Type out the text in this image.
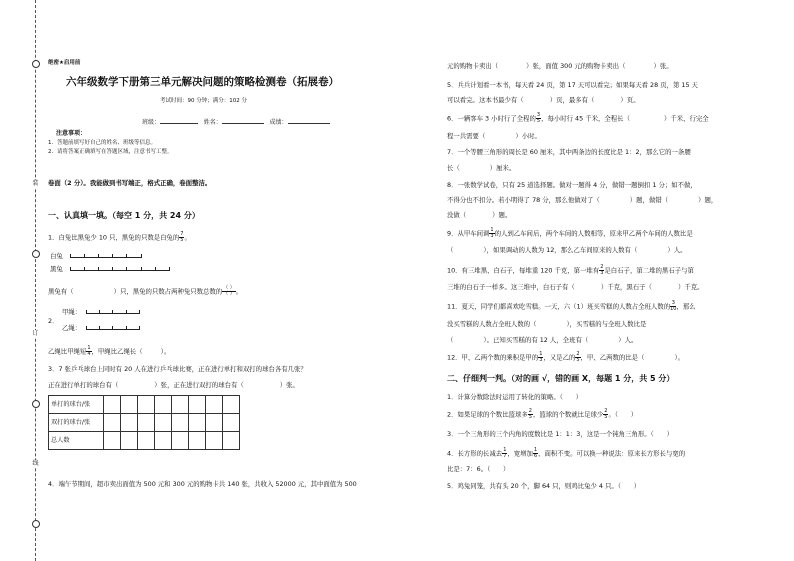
装
订
线
绝密★启用前
六年级数学下册第三单元解决问题的策略检测卷（拓展卷）
考试时间：90 分钟；满分：102 分
班级：	姓名：	成绩：
注意事项：
1．答题前填写好自己的姓名、班级等信息。
2．请将答案正确填写在答题区域，注意书写工整。
卷面（2 分）。我能做到书写端正，格式正确，卷面整洁。
一、认真填一填。（每空 1 分，共 24 分）
1．白兔比黑兔少 10 只，黑兔的只数是白兔的 $\frac{7}{5}$ 。
白兔
黑兔
黑兔有（	）只，黑兔的只数占两种兔只数总数的 $\frac{( )}{( )}$ 。
2．
甲绳：
乙绳：
乙绳比甲绳短 $\frac{1}{4}$ ，甲绳比乙绳长（	）。
3．7 张乒乓球台上同时有 20 人在进行乒乓球比赛，正在进行单打和双打的球台各有几张？
正在进行单打的球台有（	）张，正在进行双打的球台有（	）张。
单打的球台/张								
双打的球台/张								
总人数								
4．端午节期间，超市卖出面值为 500 元和 300 元的购物卡共 140 张，共收入 52000 元，其中面值为 500
元的购物卡卖出（	）张，面值 300 元的购物卡卖出（	）张。
5．兵兵计划看一本书，每天看 24 页，第 17 天可以看完；如果每天看 28 页，第 15 天
可以看完。这本书最少有（	）页，最多有（	）页。
6．一辆客车 3 小时行了全程的 $\frac{3}{5}$ ，每小时行 45 千米，全程长（	）千米，行完全
程一共需要（	）小时。
7．一个等腰三角形的周长是 60 厘米，其中两条边的长度比是 1：2，那么它的一条腰
长（	）厘米。
8．一张数学试卷，只有 25 道选择题。做对一题得 4 分，做错一题倒扣 1 分；如不做，
不得分也不扣分。若小明得了 78 分，那么他做对了（	）题，做错（	）题，
没做（	）题。
9．从甲车间调 $\frac{1}{3}$ 的人到乙车间后，两个车间的人数相等，原来甲乙两个车间的人数比是
（	），如果调动的人数为 12，那么乙车间原来的人数有（	）人。
10．有三堆黑、白石子，每堆重 120 千克，第一堆有 $\frac{2}{3}$ 是白石子，第二堆的黑石子与第
三堆的白石子一样多。这三堆中，白石子有（	）千克，黑石子（	）千克。
11．夏天，同学们都喜欢吃雪糕。一天，六（1）班买雪糕的人数占全班人数的 $\frac{3}{10}$ ，那么
没买雪糕的人数占全班人数的（	），买雪糕的与全班人数比是
（	）。已知买雪糕的有 12 人，全班有（	）人。
12．甲、乙两个数的乘积是甲的 $\frac{1}{3}$ ，又是乙的 $\frac{2}{5}$ ，甲、乙两数的比是（	）。
二、仔细判一判。（对的画 √，错的画 X，每题 1 分，共 5 分）
1．计算分数除法时运用了转化的策略。（　　）
2．如果足球的个数比篮球多 $\frac{2}{5}$ ，篮球的个数就比足球少 $\frac{2}{5}$ 。（　　）
3．一个三角形的三个内角的度数比是 1：1：3，这是一个钝角三角形。（　　）
4．长方形的长减去 $\frac{1}{7}$ ，宽增加 $\frac{1}{6}$ ，面积不变。可以换一种说法：原来长方形长与宽的
比是：7：6。（　　）
5．鸡兔同笼，共有头 20 个，脚 64 只，则鸡比兔少 4 只。（　　）
